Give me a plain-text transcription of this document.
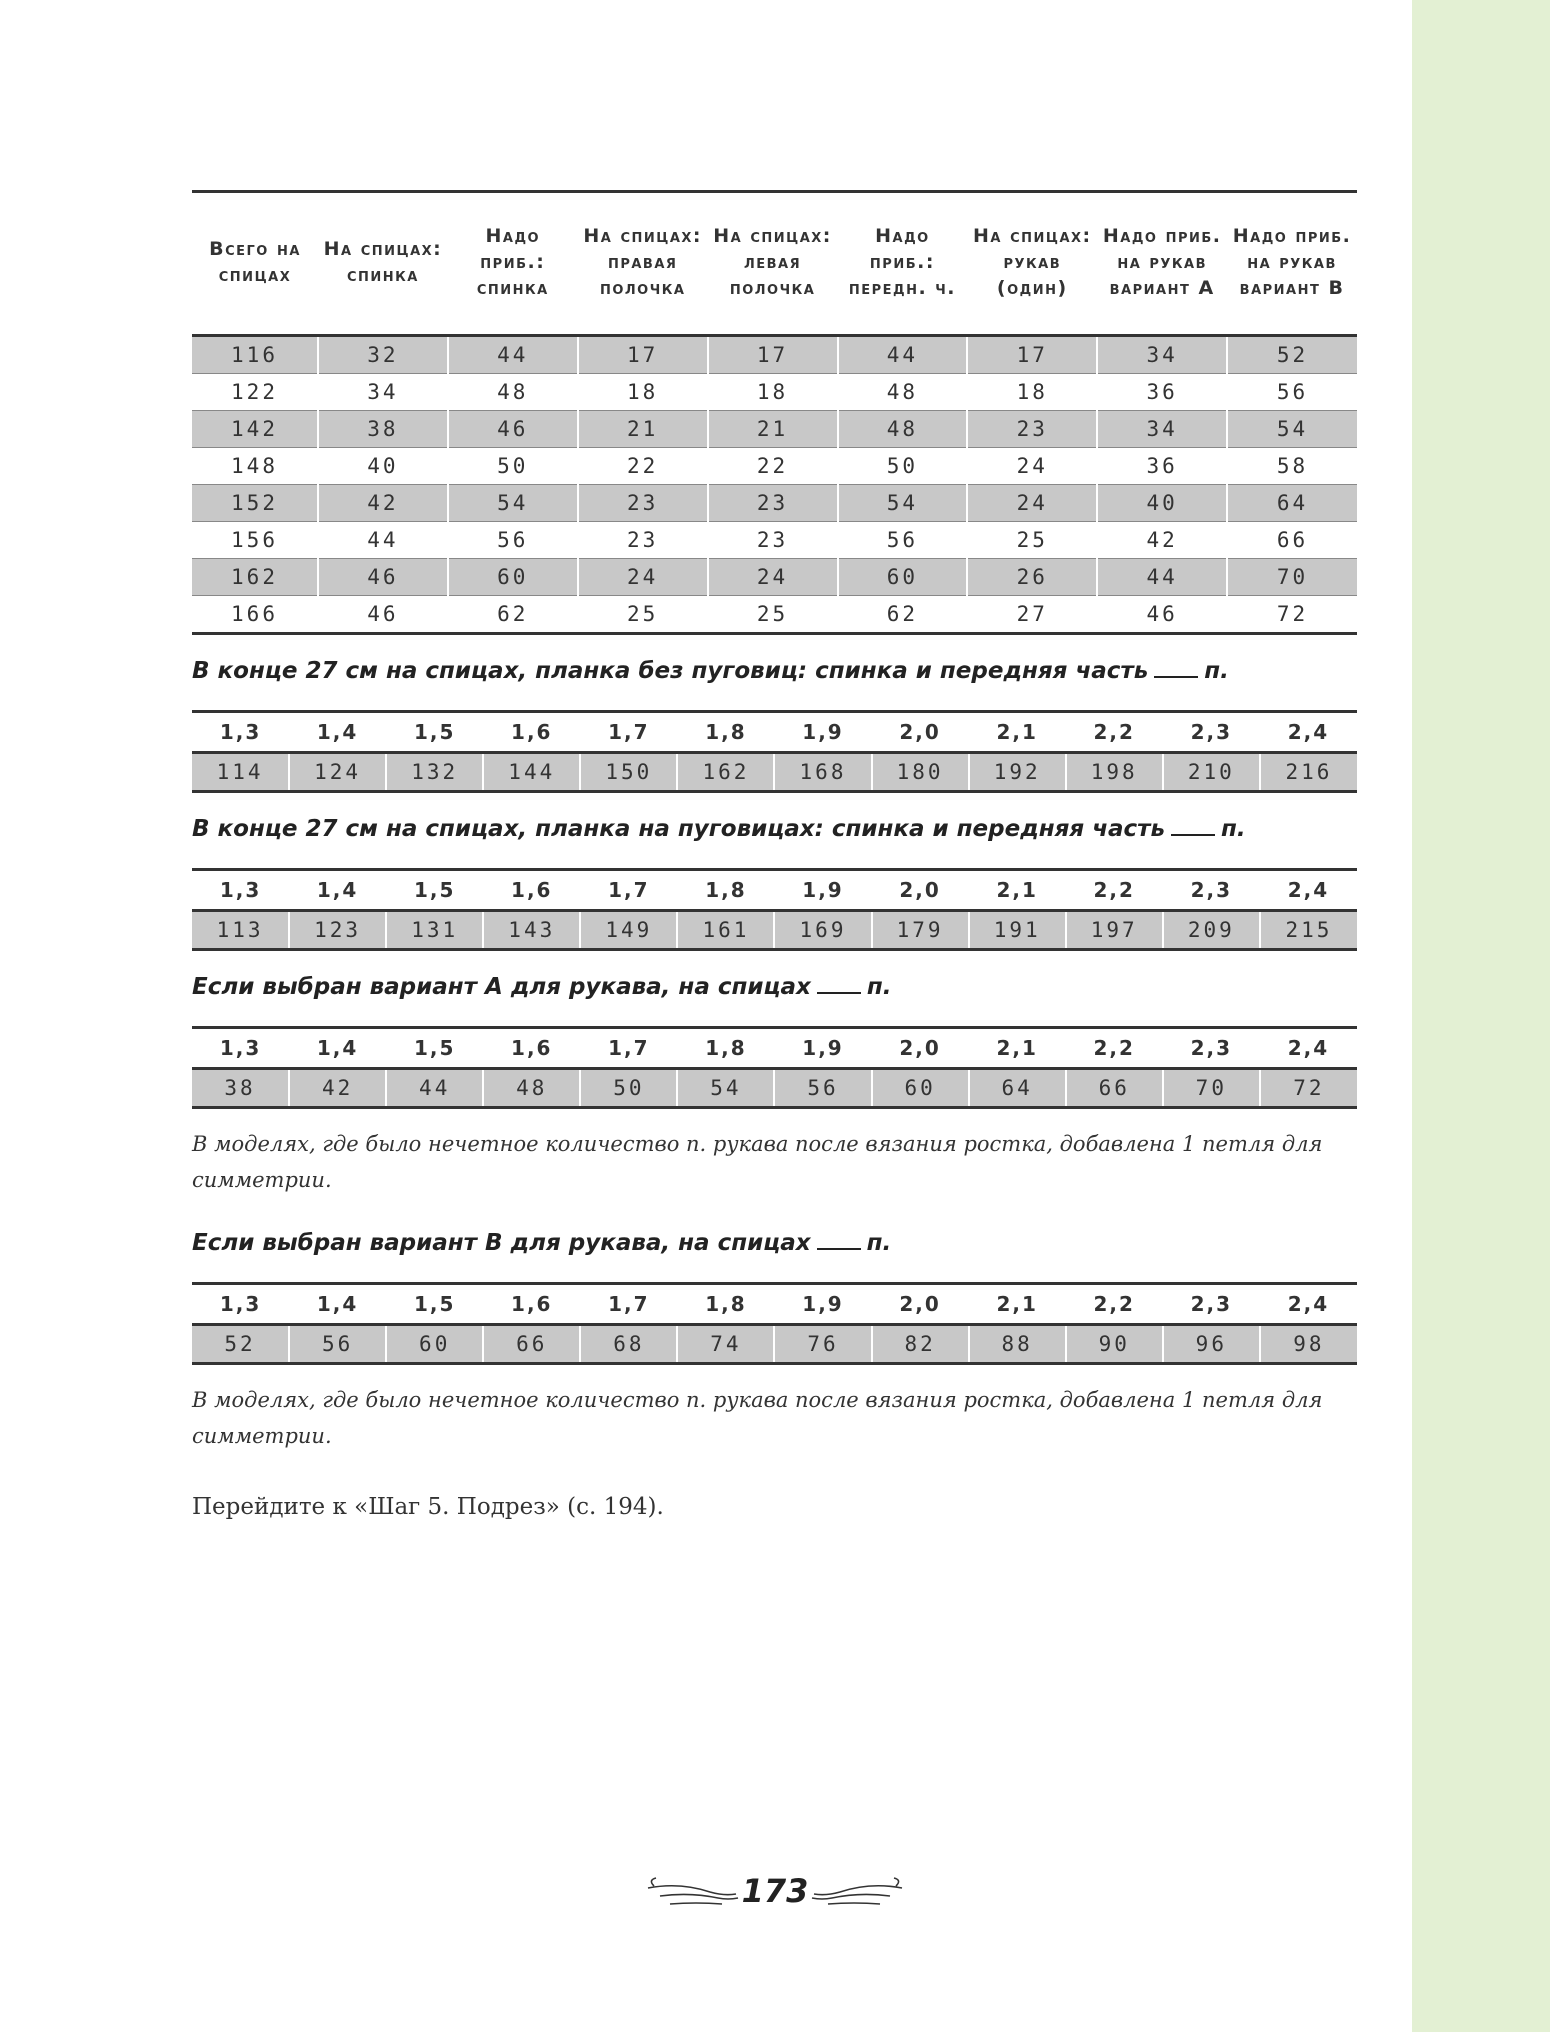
Всего на спицах	На спицах: спинка	Надо приб.: спинка	На спицах: правая полочка	На спицах: левая полочка	Надо приб.: передн. ч.	На спицах: рукав (один)	Надо приб. на рукав вариант А	Надо приб. на рукав вариант В
116	32	44	17	17	44	17	34	52
122	34	48	18	18	48	18	36	56
142	38	46	21	21	48	23	34	54
148	40	50	22	22	50	24	36	58
152	42	54	23	23	54	24	40	64
156	44	56	23	23	56	25	42	66
162	46	60	24	24	60	26	44	70
166	46	62	25	25	62	27	46	72
В конце 27 см на спицах, планка без пуговиц: спинка и передняя часть п.
1,3	1,4	1,5	1,6	1,7	1,8	1,9	2,0	2,1	2,2	2,3	2,4
114	124	132	144	150	162	168	180	192	198	210	216
В конце 27 см на спицах, планка на пуговицах: спинка и передняя часть п.
1,3	1,4	1,5	1,6	1,7	1,8	1,9	2,0	2,1	2,2	2,3	2,4
113	123	131	143	149	161	169	179	191	197	209	215
Если выбран вариант А для рукава, на спицах п.
1,3	1,4	1,5	1,6	1,7	1,8	1,9	2,0	2,1	2,2	2,3	2,4
38	42	44	48	50	54	56	60	64	66	70	72
В моделях, где было нечетное количество п. рукава после вязания ростка, добавлена 1 петля для симметрии.
Если выбран вариант В для рукава, на спицах п.
1,3	1,4	1,5	1,6	1,7	1,8	1,9	2,0	2,1	2,2	2,3	2,4
52	56	60	66	68	74	76	82	88	90	96	98
В моделях, где было нечетное количество п. рукава после вязания ростка, добавлена 1 петля для симметрии.
Перейдите к «Шаг 5. Подрез» (с. 194).
173
